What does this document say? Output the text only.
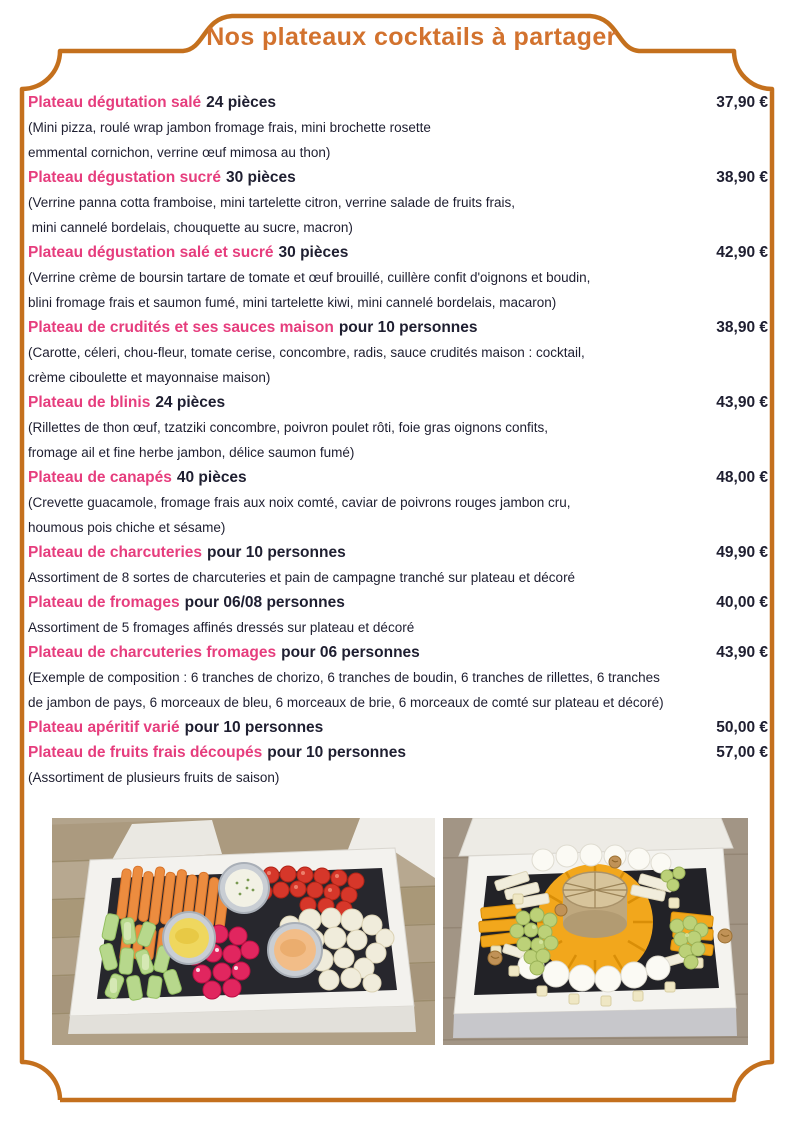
Nos plateaux cocktails à partager
Plateau dégutation salé 24 pièces	37,90 €
(Mini pizza, roulé wrap jambon fromage frais, mini brochette rosette
emmental cornichon, verrine œuf mimosa au thon)
Plateau dégustation sucré 30 pièces	38,90 €
(Verrine panna cotta framboise, mini tartelette citron, verrine salade de fruits frais,
mini cannelé bordelais, chouquette au sucre, macron)
Plateau dégustation salé et sucré 30 pièces	42,90 €
(Verrine crème de boursin tartare de tomate et œuf brouillé, cuillère confit d'oignons et boudin,
blini fromage frais et saumon fumé, mini tartelette kiwi, mini cannelé bordelais, macaron)
Plateau de crudités et ses sauces maison pour 10 personnes	38,90 €
(Carotte, céleri, chou-fleur, tomate cerise, concombre, radis, sauce crudités maison : cocktail,
crème ciboulette et mayonnaise maison)
Plateau de blinis 24 pièces	43,90 €
(Rillettes de thon œuf, tzatziki concombre, poivron poulet rôti, foie gras oignons confits,
fromage ail et fine herbe jambon, délice saumon fumé)
Plateau de canapés 40 pièces	48,00 €
(Crevette guacamole, fromage frais aux noix comté, caviar de poivrons rouges jambon cru,
houmous pois chiche et sésame)
Plateau de charcuteries pour 10 personnes	49,90 €
Assortiment de 8 sortes de charcuteries et pain de campagne tranché sur plateau et décoré
Plateau de fromages pour 06/08 personnes	40,00 €
Assortiment de 5 fromages affinés dressés sur plateau et décoré
Plateau de charcuteries fromages pour 06 personnes	43,90 €
(Exemple de composition : 6 tranches de chorizo, 6 tranches de boudin, 6 tranches de rillettes, 6 tranches
de jambon de pays, 6 morceaux de bleu, 6 morceaux de brie, 6 morceaux de comté sur plateau et décoré)
Plateau apéritif varié pour 10 personnes	50,00 €
Plateau de fruits frais découpés pour 10 personnes	57,00 €
(Assortiment de plusieurs fruits de saison)
